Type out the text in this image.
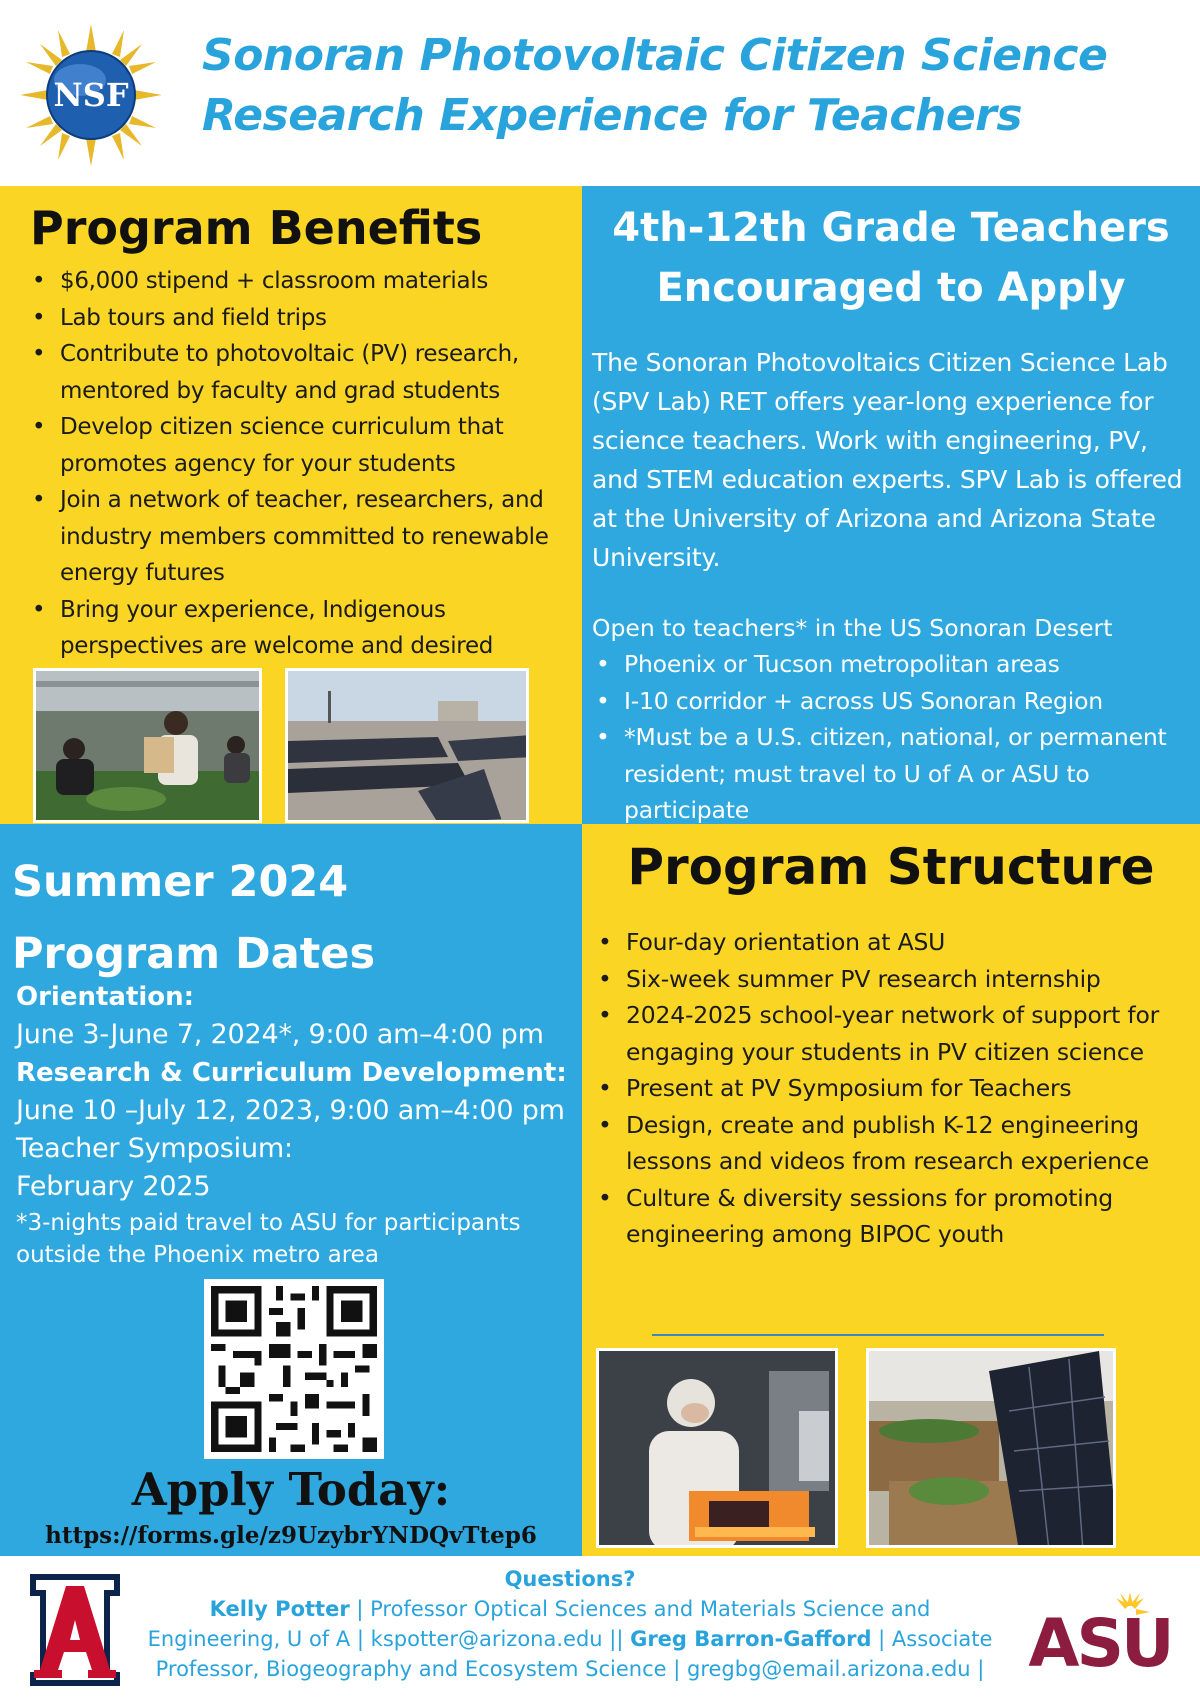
NSF
Sonoran Photovoltaic Citizen Science
Research Experience for Teachers
Program Benefits
• $6,000 stipend + classroom materials
• Lab tours and field trips
• Contribute to photovoltaic (PV) research, mentored by faculty and grad students
• Develop citizen science curriculum that promotes agency for your students
• Join a network of teacher, researchers, and industry members committed to renewable energy futures
• Bring your experience, Indigenous perspectives are welcome and desired
4th-12th Grade Teachers
Encouraged to Apply
The Sonoran Photovoltaics Citizen Science Lab (SPV Lab) RET offers year-long experience for science teachers. Work with engineering, PV, and STEM education experts. SPV Lab is offered at the University of Arizona and Arizona State University.
Open to teachers* in the US Sonoran Desert
• Phoenix or Tucson metropolitan areas
• I-10 corridor + across US Sonoran Region
• *Must be a U.S. citizen, national, or permanent resident; must travel to U of A or ASU to participate
Summer 2024
Program Dates
Orientation:
June 3-June 7, 2024*, 9:00 am–4:00 pm
Research & Curriculum Development:
June 10 –July 12, 2023, 9:00 am–4:00 pm
Teacher Symposium:
February 2025
*3-nights paid travel to ASU for participants outside the Phoenix metro area
Apply Today:
https://forms.gle/z9UzybrYNDQvTtep6
Program Structure
• Four-day orientation at ASU
• Six-week summer PV research internship
• 2024-2025 school-year network of support for engaging your students in PV citizen science
• Present at PV Symposium for Teachers
• Design, create and publish K-12 engineering lessons and videos from research experience
• Culture & diversity sessions for promoting engineering among BIPOC youth
Questions?
Kelly Potter | Professor Optical Sciences and Materials Science and Engineering, U of A | kspotter@arizona.edu || Greg Barron-Gafford | Associate Professor, Biogeography and Ecosystem Science | gregbg@email.arizona.edu | ASU
